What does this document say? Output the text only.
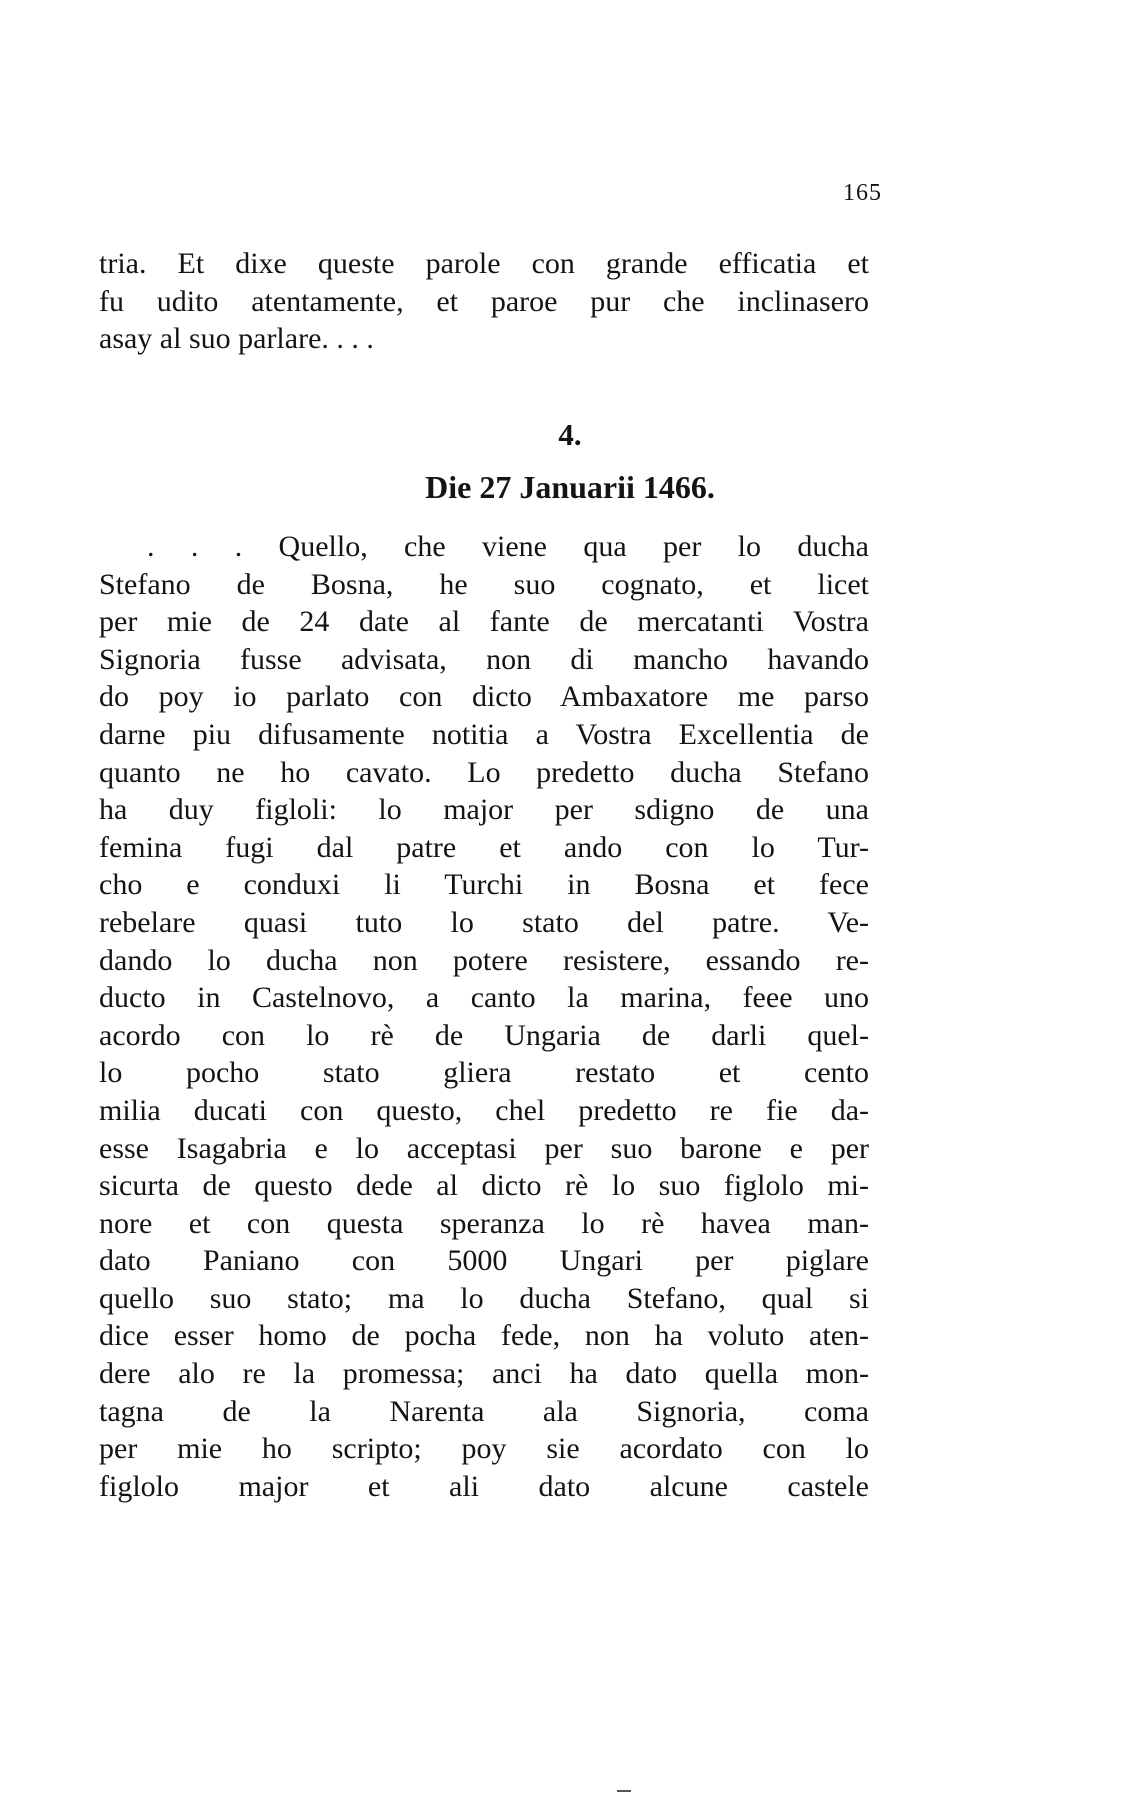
165
tria. Et dixe queste parole con grande efficatia et
fu udito atentamente, et paroe pur che inclinasero
asay al suo parlare. . . .
4.
Die 27 Januarii 1466.
. . . Quello, che viene qua per lo ducha
Stefano de Bosna, he suo cognato, et licet
per mie de 24 date al fante de mercatanti Vostra
Signoria fusse advisata, non di mancho havando
do poy io parlato con dicto Ambaxatore me parso
darne piu difusamente notitia a Vostra Excellentia de
quanto ne ho cavato. Lo predetto ducha Stefano
ha duy figloli: lo major per sdigno de una
femina fugi dal patre et ando con lo Tur-
cho e conduxi li Turchi in Bosna et fece
rebelare quasi tuto lo stato del patre. Ve-
dando lo ducha non potere resistere, essando re-
ducto in Castelnovo, a canto la marina, feee uno
acordo con lo rè de Ungaria de darli quel-
lo pocho stato gliera restato et cento
milia ducati con questo, chel predetto re fie da-
esse Isagabria e lo acceptasi per suo barone e per
sicurta de questo dede al dicto rè lo suo figlolo mi-
nore et con questa speranza lo rè havea man-
dato Paniano con 5000 Ungari per piglare
quello suo stato; ma lo ducha Stefano, qual si
dice esser homo de pocha fede, non ha voluto aten-
dere alo re la promessa; anci ha dato quella mon-
tagna de la Narenta ala Signoria, coma
per mie ho scripto; poy sie acordato con lo
figlolo major et ali dato alcune castele
